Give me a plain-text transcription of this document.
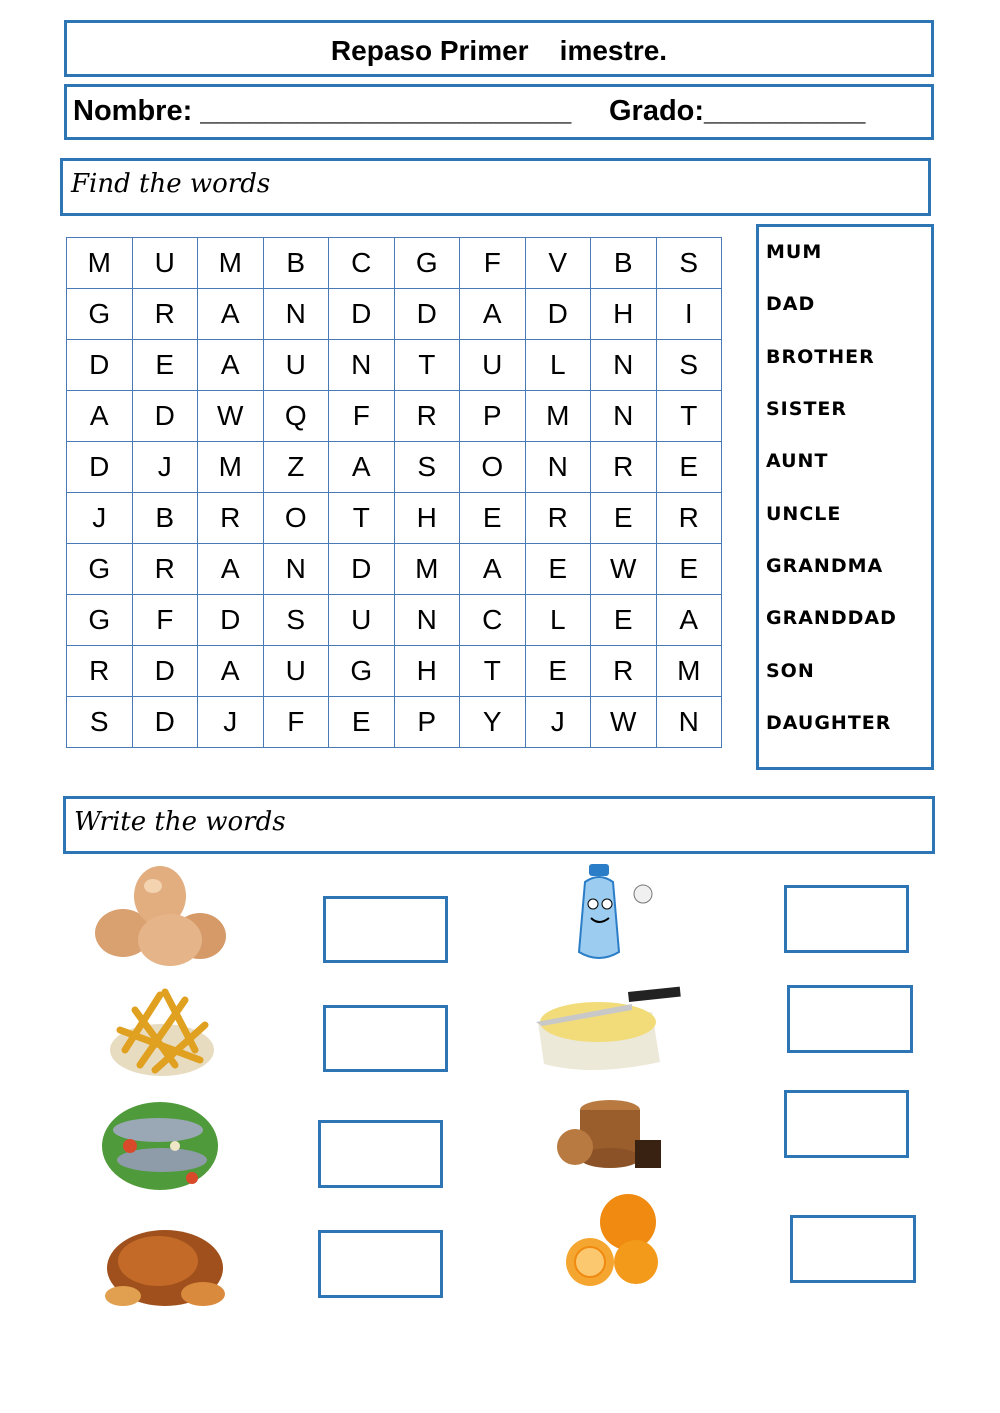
Repaso Primer    imestre.
Nombre: _______________________ Grado:__________
Find the words
M	U	M	B	C	G	F	V	B	S
G	R	A	N	D	D	A	D	H	I
D	E	A	U	N	T	U	L	N	S
A	D	W	Q	F	R	P	M	N	T
D	J	M	Z	A	S	O	N	R	E
J	B	R	O	T	H	E	R	E	R
G	R	A	N	D	M	A	E	W	E
G	F	D	S	U	N	C	L	E	A
R	D	A	U	G	H	T	E	R	M
S	D	J	F	E	P	Y	J	W	N
MUM
DAD
BROTHER
SISTER
AUNT
UNCLE
GRANDMA
GRANDDAD
SON
DAUGHTER
Write the words
